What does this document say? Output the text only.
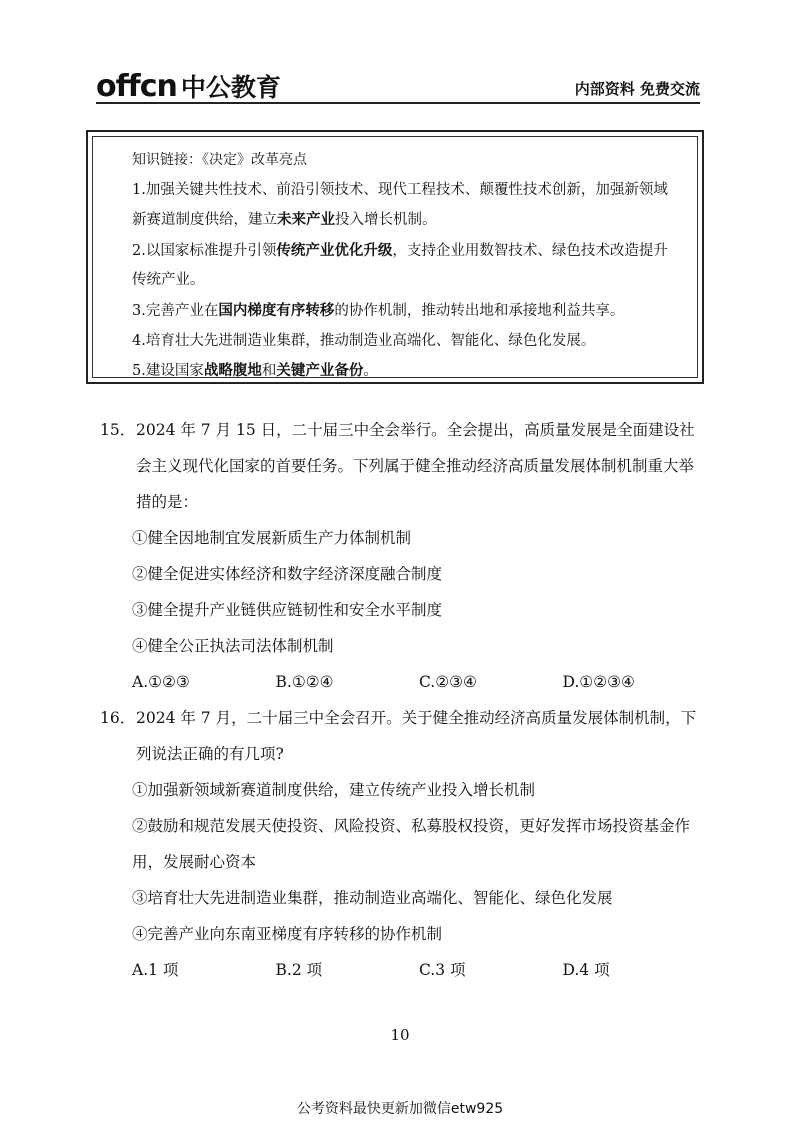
offcn 中公教育	内部资料 免费交流

知识链接：《决定》改革亮点

1.加强关键共性技术、前沿引领技术、现代工程技术、颠覆性技术创新，加强新领域新赛道制度供给，建立未来产业投入增长机制。

2.以国家标准提升引领传统产业优化升级，支持企业用数智技术、绿色技术改造提升传统产业。

3.完善产业在国内梯度有序转移的协作机制，推动转出地和承接地利益共享。

4.培育壮大先进制造业集群，推动制造业高端化、智能化、绿色化发展。

5.建设国家战略腹地和关键产业备份。

15． 2024 年 7 月 15 日，二十届三中全会举行。全会提出，高质量发展是全面建设社会主义现代化国家的首要任务。下列属于健全推动经济高质量发展体制机制重大举措的是：

①健全因地制宜发展新质生产力体制机制

②健全促进实体经济和数字经济深度融合制度

③健全提升产业链供应链韧性和安全水平制度

④健全公正执法司法体制机制

A.①②③	B.①②④	C.②③④	D.①②③④
16． 2024 年 7 月，二十届三中全会召开。关于健全推动经济高质量发展体制机制，下列说法正确的有几项?

①加强新领域新赛道制度供给，建立传统产业投入增长机制

②鼓励和规范发展天使投资、风险投资、私募股权投资，更好发挥市场投资基金作用，发展耐心资本

③培育壮大先进制造业集群，推动制造业高端化、智能化、绿色化发展

④完善产业向东南亚梯度有序转移的协作机制

A.1 项	B.2 项	C.3 项	D.4 项
10
公考资料最快更新加微信etw925
